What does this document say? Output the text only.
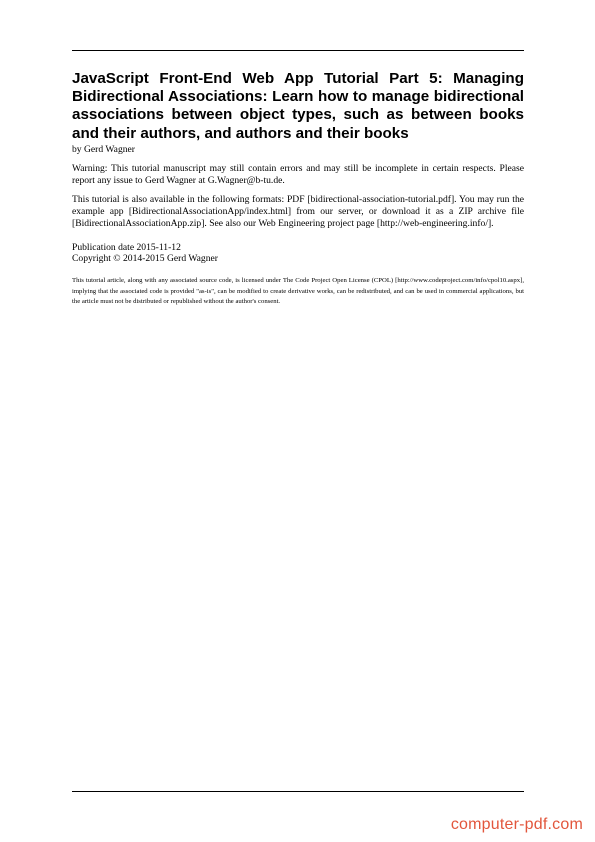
JavaScript Front-End Web App Tutorial Part 5: Managing Bidirectional Associations: Learn how to manage bidirectional associations between object types, such as between books and their authors, and authors and their books

by Gerd Wagner

Warning: This tutorial manuscript may still contain errors and may still be incomplete in certain respects. Please report any issue to Gerd Wagner at G.Wagner@b-tu.de.

This tutorial is also available in the following formats: PDF [bidirectional-association-tutorial.pdf]. You may run the example app [BidirectionalAssociationApp/index.html] from our server, or download it as a ZIP archive file [BidirectionalAssociationApp.zip]. See also our Web Engineering project page [http://web-engineering.info/].

Publication date 2015-11-12
Copyright © 2014-2015 Gerd Wagner

This tutorial article, along with any associated source code, is licensed under The Code Project Open License (CPOL) [http://www.codeproject.com/info/cpol10.aspx], implying that the associated code is provided "as-is", can be modified to create derivative works, can be redistributed, and can be used in commercial applications, but the article must not be distributed or republished without the author's consent.

computer-pdf.com
